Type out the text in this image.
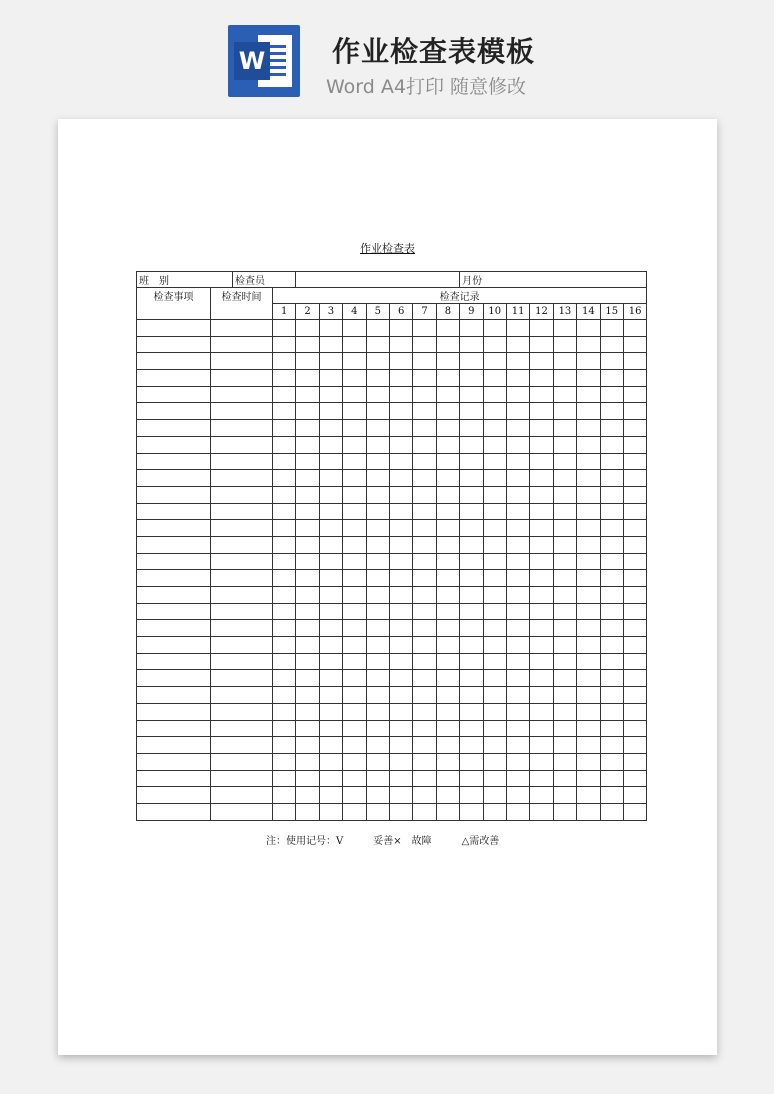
W 作业检查表模板
Word A4打印 随意修改
作业检查表
班　别		检查员									月份							
检查事项	检查时间		检查记录															
			1	2	3	4	5	6	7	8	9	10	11	12	13	14	15	16

注：使用记号：V　　　妥善×　故障　　　△需改善
